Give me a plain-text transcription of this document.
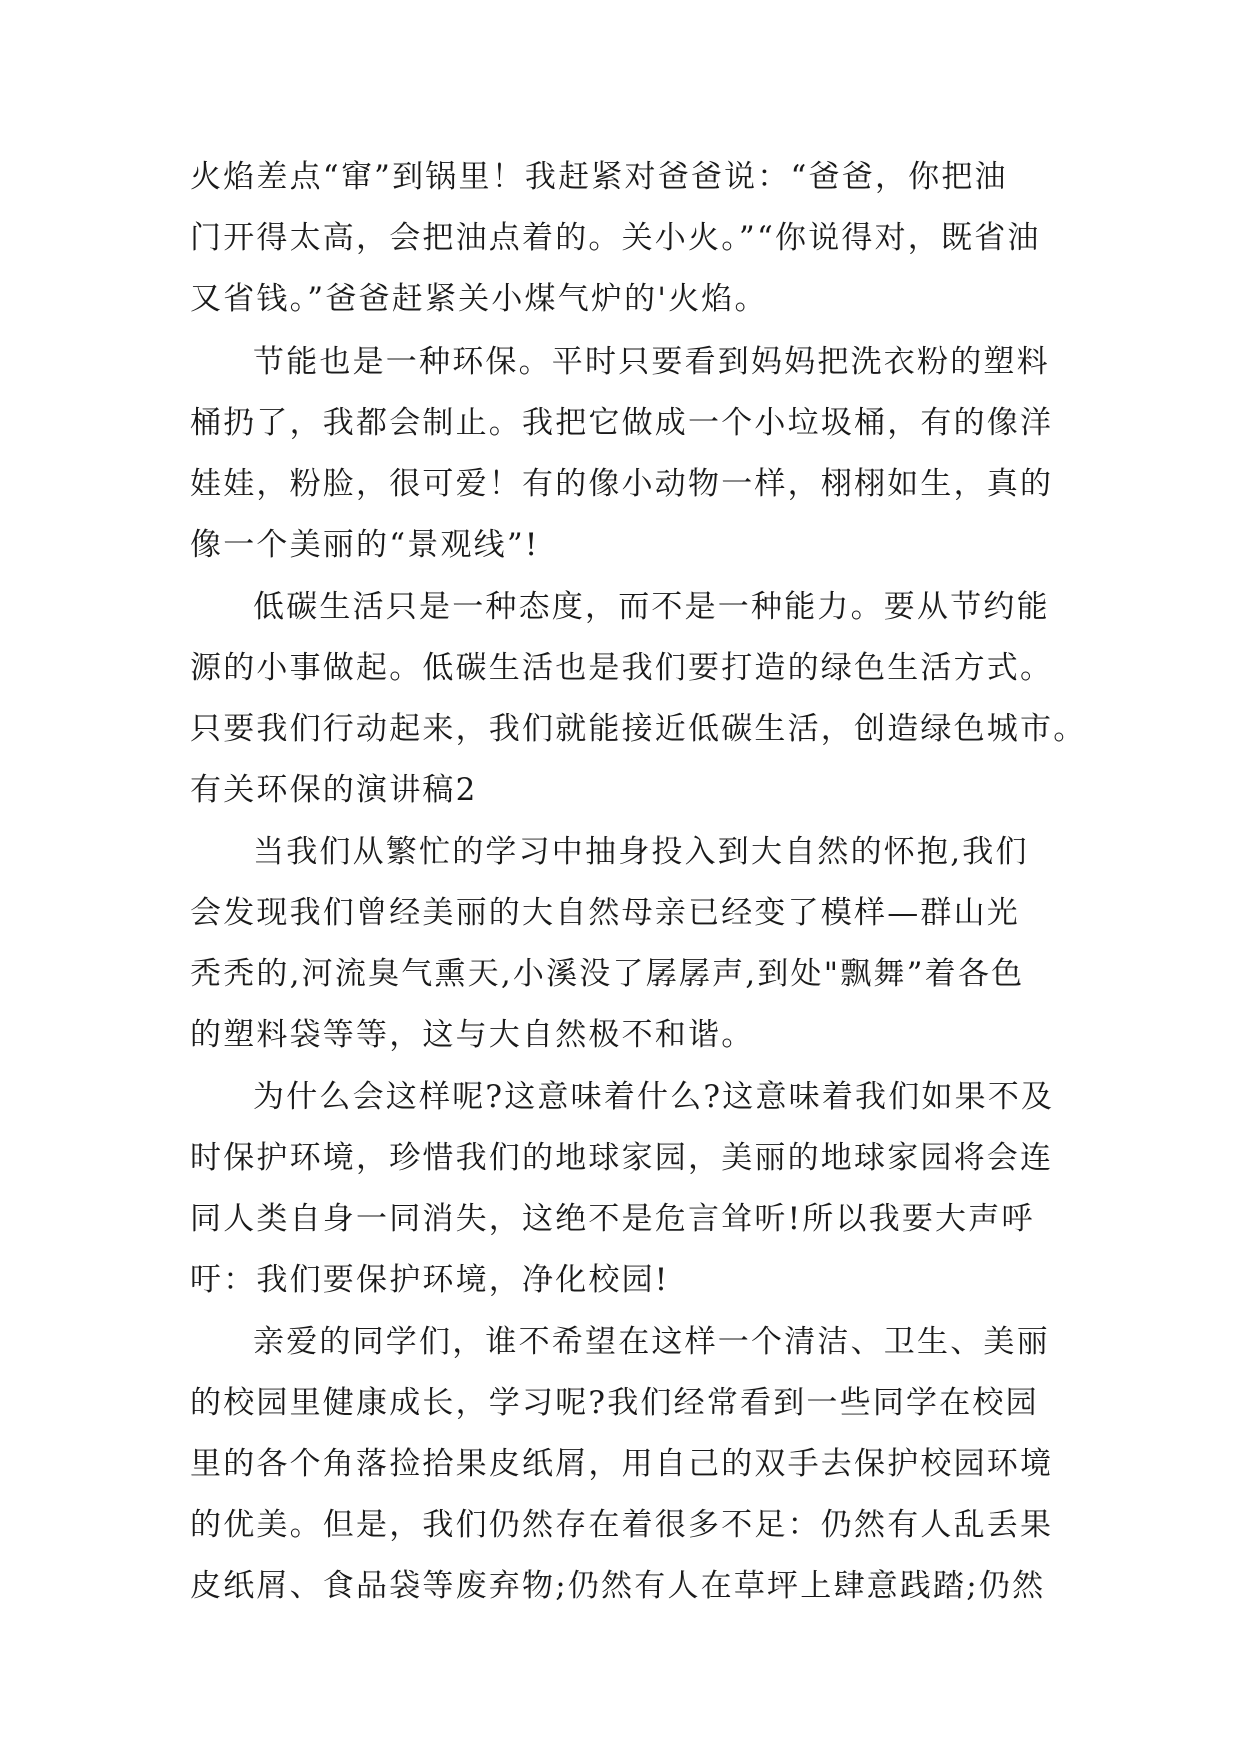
火焰差点“窜”到锅里！我赶紧对爸爸说：“爸爸，你把油
门开得太高，会把油点着的。关小火。”“你说得对，既省油
又省钱。”爸爸赶紧关小煤气炉的'火焰。
节能也是一种环保。平时只要看到妈妈把洗衣粉的塑料
桶扔了，我都会制止。我把它做成一个小垃圾桶，有的像洋
娃娃，粉脸，很可爱！有的像小动物一样，栩栩如生，真的
像一个美丽的“景观线”!
低碳生活只是一种态度，而不是一种能力。要从节约能
源的小事做起。低碳生活也是我们要打造的绿色生活方式。
只要我们行动起来，我们就能接近低碳生活，创造绿色城市。
有关环保的演讲稿2
当我们从繁忙的学习中抽身投入到大自然的怀抱,我们
会发现我们曾经美丽的大自然母亲已经变了模样—群山光
秃秃的,河流臭气熏天,小溪没了孱孱声,到处"飘舞”着各色
的塑料袋等等，这与大自然极不和谐。
为什么会这样呢?这意味着什么?这意味着我们如果不及
时保护环境，珍惜我们的地球家园，美丽的地球家园将会连
同人类自身一同消失，这绝不是危言耸听!所以我要大声呼
吁：我们要保护环境，净化校园!
亲爱的同学们，谁不希望在这样一个清洁、卫生、美丽
的校园里健康成长，学习呢?我们经常看到一些同学在校园
里的各个角落捡拾果皮纸屑，用自己的双手去保护校园环境
的优美。但是，我们仍然存在着很多不足：仍然有人乱丢果
皮纸屑、食品袋等废弃物;仍然有人在草坪上肆意践踏;仍然
